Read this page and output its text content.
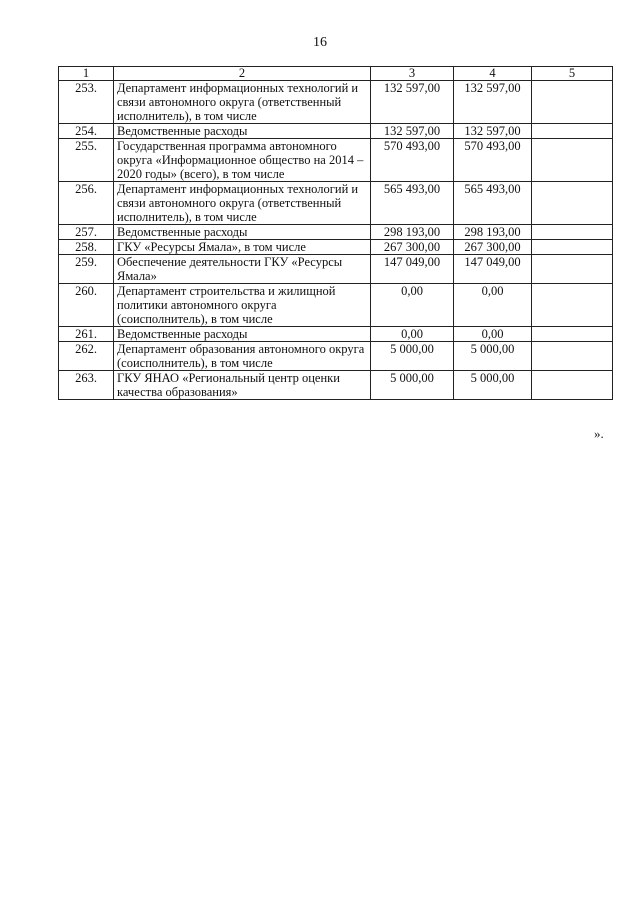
16
1	2	3	4	5
253.	Департамент информационных технологий и связи автономного округа (ответственный исполнитель), в том числе	132 597,00	132 597,00	
254.	Ведомственные расходы	132 597,00	132 597,00	
255.	Государственная программа автономного округа «Информационное общество на 2014 – 2020 годы» (всего), в том числе	570 493,00	570 493,00	
256.	Департамент информационных технологий и связи автономного округа (ответственный исполнитель), в том числе	565 493,00	565 493,00	
257.	Ведомственные расходы	298 193,00	298 193,00	
258.	ГКУ «Ресурсы Ямала», в том числе	267 300,00	267 300,00	
259.	Обеспечение деятельности ГКУ «Ресурсы Ямала»	147 049,00	147 049,00	
260.	Департамент строительства и жилищной политики автономного округа (соисполнитель), в том числе	0,00	0,00	
261.	Ведомственные расходы	0,00	0,00	
262.	Департамент образования автономного округа (соисполнитель), в том числе	5 000,00	5 000,00	
263.	ГКУ ЯНАО «Региональный центр оценки качества образования»	5 000,00	5 000,00	
».
